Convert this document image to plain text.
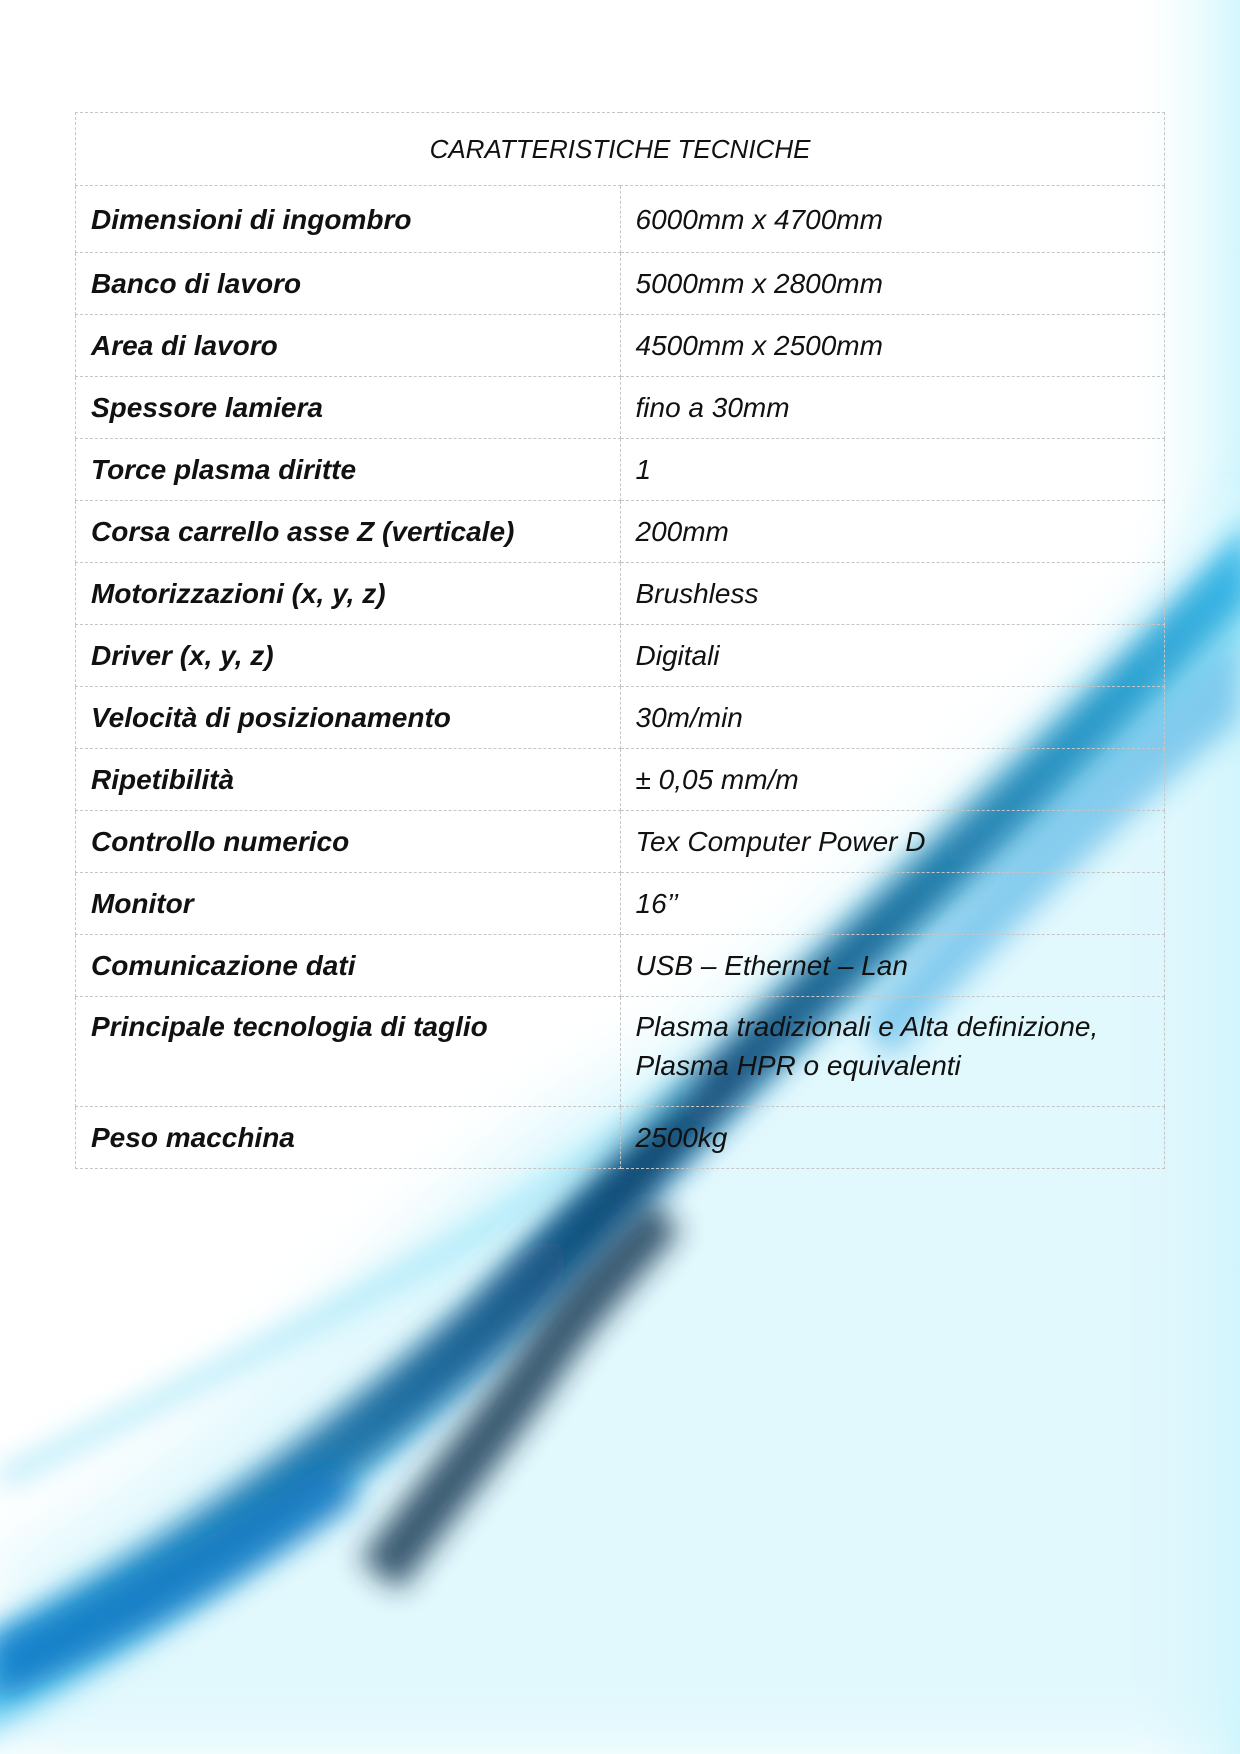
CARATTERISTICHE TECNICHE	
Dimensioni di ingombro	6000mm x 4700mm
Banco di lavoro	5000mm x 2800mm
Area di lavoro	4500mm x 2500mm
Spessore lamiera	fino a 30mm
Torce plasma diritte	1
Corsa carrello asse Z (verticale)	200mm
Motorizzazioni (x, y, z)	Brushless
Driver (x, y, z)	Digitali
Velocità di posizionamento	30m/min
Ripetibilità	± 0,05 mm/m
Controllo numerico	Tex Computer Power D
Monitor	16’’
Comunicazione dati	USB – Ethernet – Lan
Principale tecnologia di taglio	Plasma tradizionali e Alta definizione, Plasma HPR o equivalenti
Peso macchina	2500kg
